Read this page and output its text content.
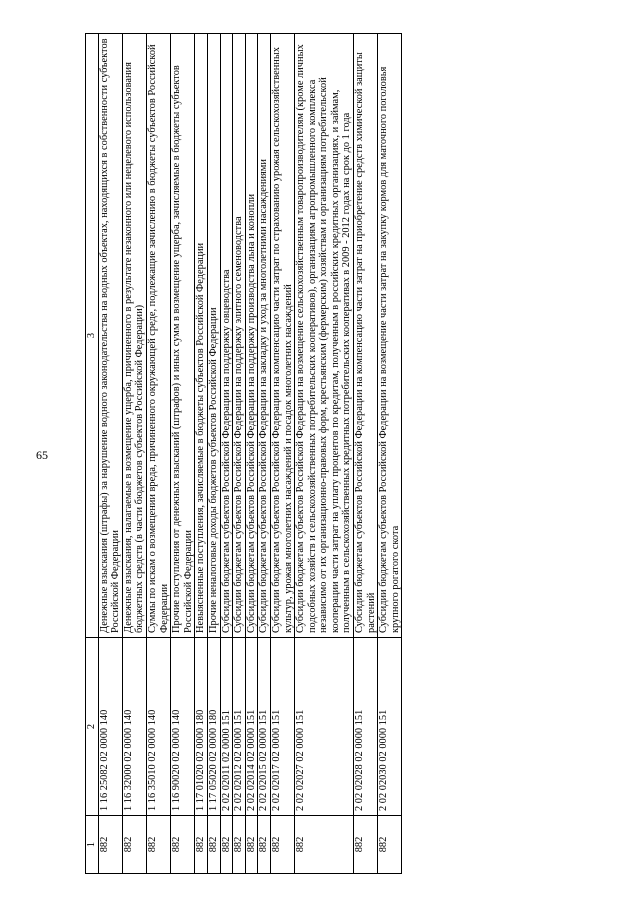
65
1	2	3
882	1 16 25082 02 0000 140	Денежные взыскания (штрафы) за нарушение водного законодательства на водных объектах, находящихся в собственности субъектов Российской Федерации
882	1 16 32000 02 0000 140	Денежные взыскания, налагаемые в возмещение ущерба, причиненного в результате незаконного или нецелевого использования бюджетных средств (в части бюджетов субъектов Российской Федерации)
882	1 16 35010 02 0000 140	Суммы по искам о возмещении вреда, причиненного окружающей среде, подлежащие зачислению в бюджеты субъектов Российской Федерации
882	1 16 90020 02 0000 140	Прочие поступления от денежных взысканий (штрафов) и иных сумм в возмещение ущерба, зачисляемые в бюджеты субъектов Российской Федерации
882	1 17 01020 02 0000 180	Невыясненные поступления, зачисляемые в бюджеты субъектов Российской Федерации
882	1 17 05020 02 0000 180	Прочие неналоговые доходы бюджетов субъектов Российской Федерации
882	2 02 02011 02 0000 151	Субсидии бюджетам субъектов Российской Федерации на поддержку овцеводства
882	2 02 02012 02 0000 151	Субсидии бюджетам субъектов Российской Федерации на поддержку элитного семеноводства
882	2 02 02014 02 0000 151	Субсидии бюджетам субъектов Российской Федерации на поддержку производства льна и конопли
882	2 02 02015 02 0000 151	Субсидии бюджетам субъектов Российской Федерации на закладку и уход за многолетними насаждениями
882	2 02 02017 02 0000 151	Субсидии бюджетам субъектов Российской Федерации на компенсацию части затрат по страхованию урожая сельскохозяйственных культур, урожая многолетних насаждений и посадок многолетних насаждений
882	2 02 02027 02 0000 151	Субсидии бюджетам субъектов Российской Федерации на возмещение сельскохозяйственным товаропроизводителям (кроме личных подсобных хозяйств и сельскохозяйственных потребительских кооперативов), организациям агропромышленного комплекса независимо от их организационно-правовых форм, крестьянским (фермерским) хозяйствам и организациям потребительской кооперации части затрат на уплату процентов по кредитам, полученным в российских кредитных организациях, и займам, полученным в сельскохозяйственных кредитных потребительских кооперативах в 2009 - 2012 годах на срок до 1 года
882	2 02 02028 02 0000 151	Субсидии бюджетам субъектов Российской Федерации на компенсацию части затрат на приобретение средств химической защиты растений
882	2 02 02030 02 0000 151	Субсидии бюджетам субъектов Российской Федерации на возмещение части затрат на закупку кормов для маточного поголовья крупного рогатого скота
